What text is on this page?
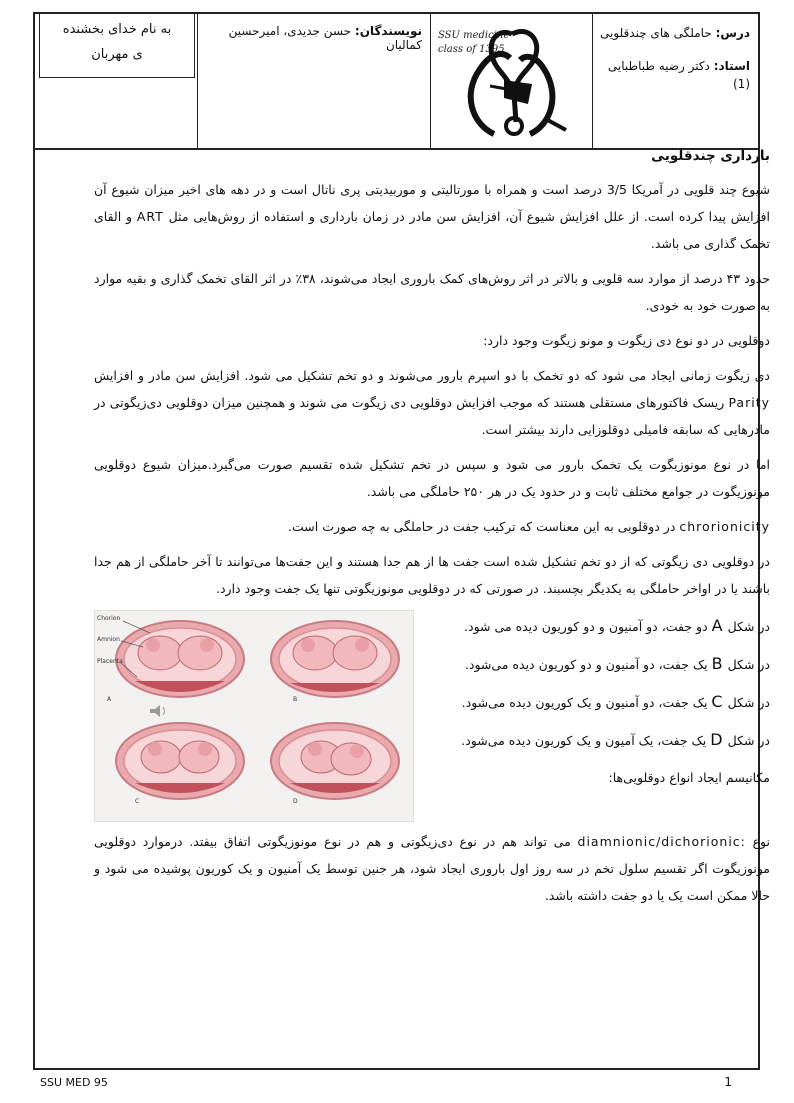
درس: حاملگی های چندقلویی
استاد: دکتر رضیه طباطبایی
(1)
SSU medicine
class of 1395
نویسندگان: حسن جدیدی، امیرحسین کمالیان
به نام خدای بخشنده
ی مهربان

بارداری چندقلویی

شیوع چند قلویی در آمریکا 3/5 درصد است و همراه با مورتالیتی و موربیدیتی پری ناتال است و در دهه های اخیر میزان شیوع آن افزایش پیدا کرده است. از علل افزایش شیوع آن، افزایش سن مادر در زمان بارداری و استفاده از روش‌هایی مثل ART و القای تخمک گذاری می باشد.

حدود ۴۳ درصد از موارد سه قلویی و بالاتر در اثر روش‌های کمک باروری ایجاد می‌شوند، ۳۸٪ در اثر القای تخمک گذاری و بقیه موارد به صورت خود به خودی.

دوقلویی در دو نوع دی زیگوت و مونو زیگوت وجود دارد:

دی زیگوت زمانی ایجاد می شود که دو تخمک با دو اسپرم بارور می‌شوند و دو تخم تشکیل می شود. افزایش سن مادر و افزایش Parity ریسک فاکتورهای مستقلی هستند که موجب افزایش دوقلویی دی زیگوت می شوند و همچنین میزان دوقلویی دی‌زیگوتی در مادرهایی که سابقه فامیلی دوقلوزایی دارند بیشتر است.

اما در نوع مونوزیگوت یک تخمک بارور می شود و سپس در تخم تشکیل شده تقسیم صورت می‌گیرد.میزان شیوع دوقلویی مونوزیگوت در جوامع مختلف ثابت و در حدود یک در هر ۲۵۰ حاملگی می باشد.

chrorionicity در دوقلویی به این معناست که ترکیب جفت در حاملگی به چه صورت است.

در دوقلویی دی زیگوتی که از دو تخم تشکیل شده است جفت ها از هم جدا هستند و این جفت‌ها می‌توانند تا آخر حاملگی از هم جدا باشند یا در اواخر حاملگی به یکدیگر بچسبند. در صورتی که در دوقلویی مونوزیگوتی تنها یک جفت وجود دارد.

در شکل A دو جفت، دو آمنیون و دو کوریون دیده می شود.

در شکل B یک جفت، دو آمنیون و دو کوریون دیده می‌شود.

در شکل C یک جفت، دو آمنیون و یک کوریون دیده می‌شود.

در شکل D یک جفت، یک آمیون و یک کوریون دیده می‌شود.

مکانیسم ایجاد انواع دوقلویی‌ها:

Chorion
Amnion
Placenta
A	B
C	D

نوع diamnionic/dichorionic: می تواند هم در نوع دی‌زیگوتی و هم در نوع مونوزیگوتی اتفاق بیفتد. درموارد دوقلویی مونوزیگوت اگر تقسیم سلول تخم در سه روز اول باروری ایجاد شود، هر جنین توسط یک آمنیون و یک کوریون پوشیده می شود و حالا ممکن است یک یا دو جفت داشته باشد.

SSU MED 95	1
